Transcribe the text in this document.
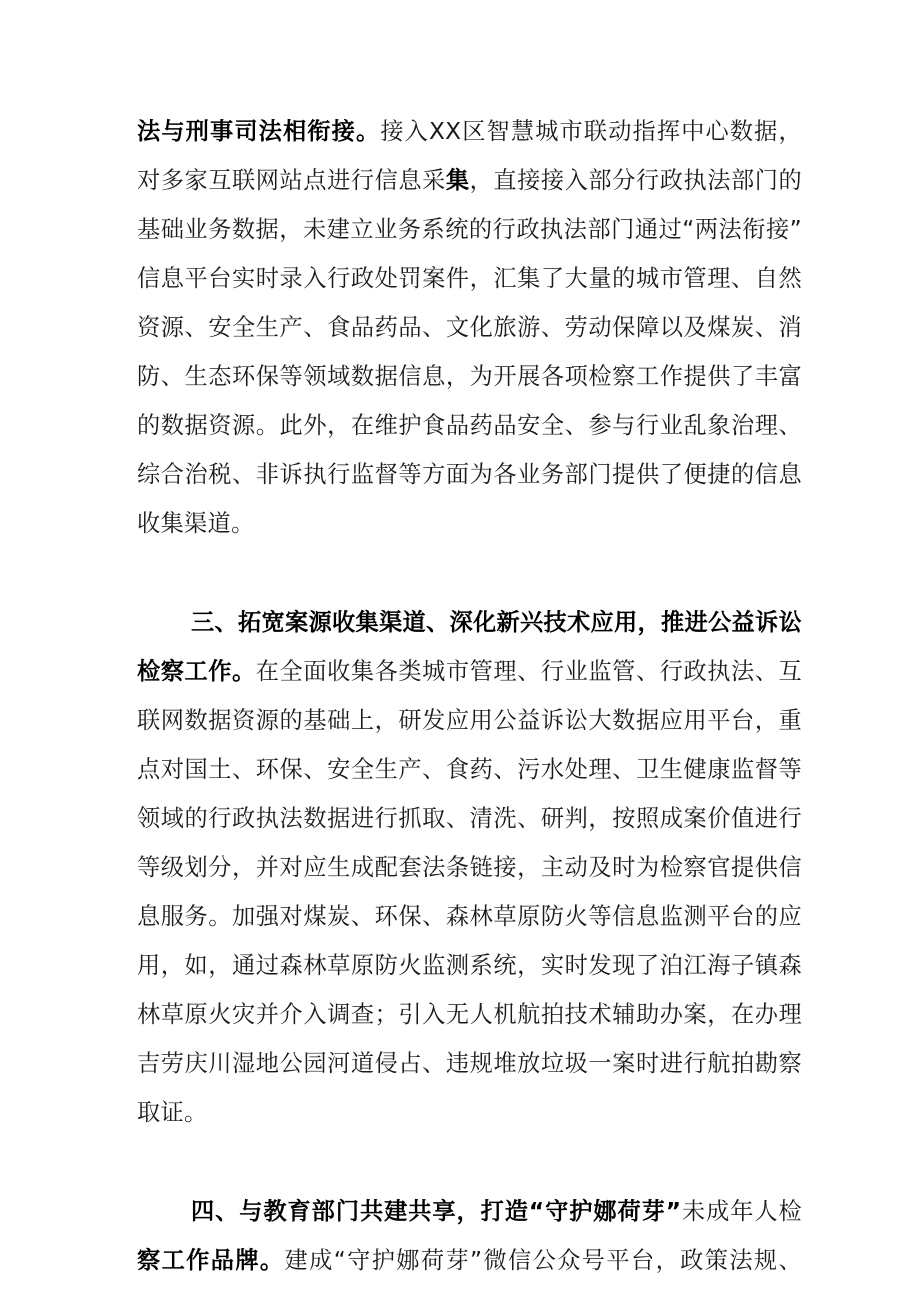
法与刑事司法相衔接。接入XX区智慧城市联动指挥中心数据，
对多家互联网站点进行信息采集，直接接入部分行政执法部门的
基础业务数据，未建立业务系统的行政执法部门通过“两法衔接”
信息平台实时录入行政处罚案件，汇集了大量的城市管理、自然
资源、安全生产、食品药品、文化旅游、劳动保障以及煤炭、消
防、生态环保等领域数据信息，为开展各项检察工作提供了丰富
的数据资源。此外，在维护食品药品安全、参与行业乱象治理、
综合治税、非诉执行监督等方面为各业务部门提供了便捷的信息
收集渠道。
三、拓宽案源收集渠道、深化新兴技术应用，推进公益诉讼
检察工作。在全面收集各类城市管理、行业监管、行政执法、互
联网数据资源的基础上，研发应用公益诉讼大数据应用平台，重
点对国土、环保、安全生产、食药、污水处理、卫生健康监督等
领域的行政执法数据进行抓取、清洗、研判，按照成案价值进行
等级划分，并对应生成配套法条链接，主动及时为检察官提供信
息服务。加强对煤炭、环保、森林草原防火等信息监测平台的应
用，如，通过森林草原防火监测系统，实时发现了泊江海子镇森
林草原火灾并介入调查；引入无人机航拍技术辅助办案，在办理
吉劳庆川湿地公园河道侵占、违规堆放垃圾一案时进行航拍勘察
取证。
四、与教育部门共建共享，打造“守护娜荷芽”未成年人检
察工作品牌。建成“守护娜荷芽”微信公众号平台，政策法规、
